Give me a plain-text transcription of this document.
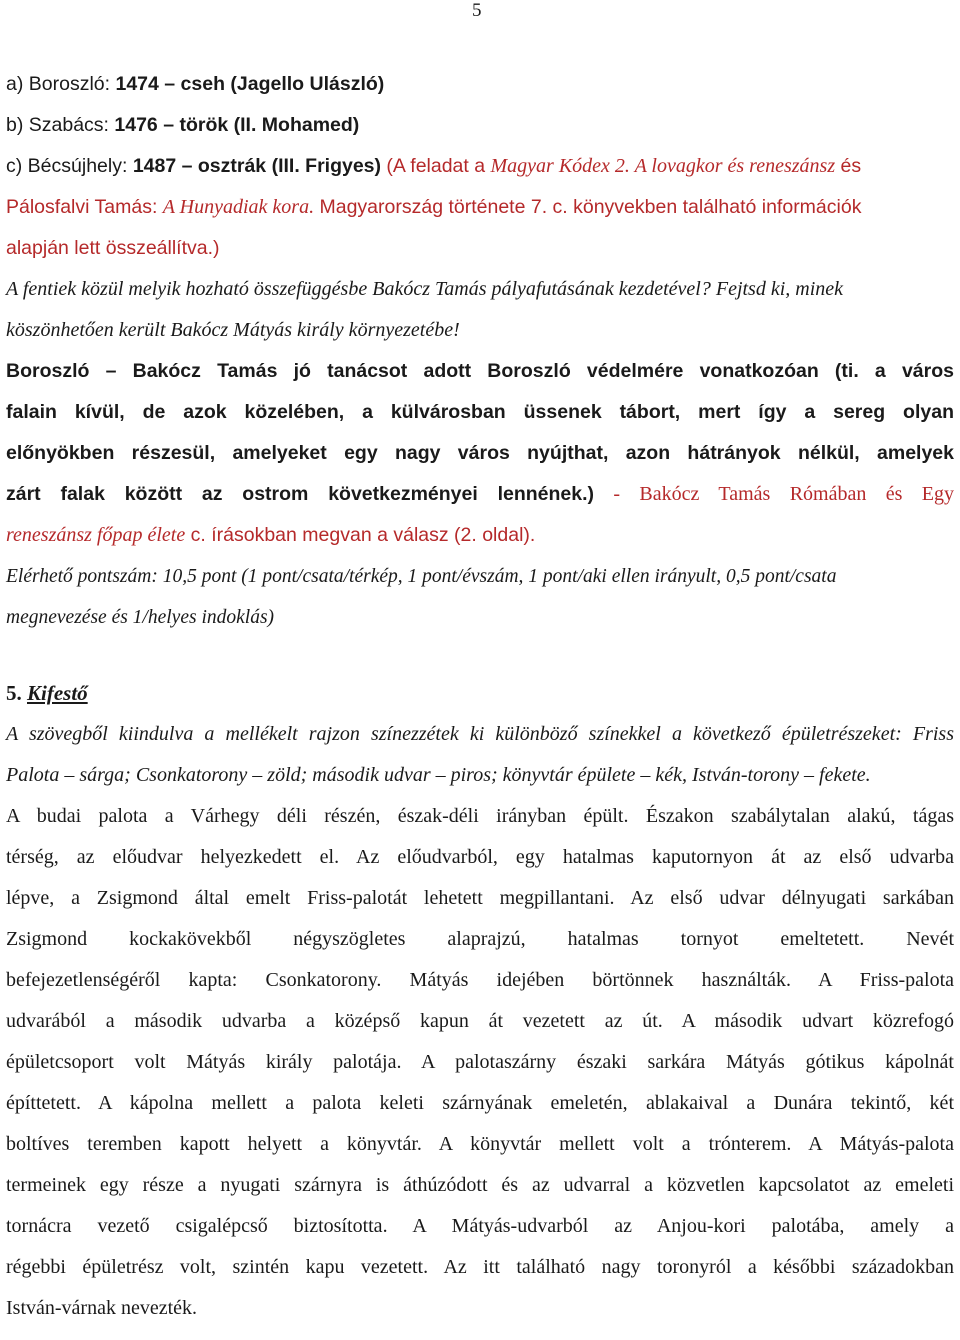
5

a) Boroszló: 1474 – cseh (Jagello Ulászló)

b) Szabács: 1476 – török (II. Mohamed)

c) Bécsújhely: 1487 – osztrák (III. Frigyes) (A feladat a Magyar Kódex 2. A lovagkor és reneszánsz és

Pálosfalvi Tamás: A Hunyadiak kora. Magyarország története 7. c. könyvekben található információk

alapján lett összeállítva.)

A fentiek közül melyik hozható összefüggésbe Bakócz Tamás pályafutásának kezdetével? Fejtsd ki, minek

köszönhetően került Bakócz Mátyás király környezetébe!

Boroszló – Bakócz Tamás jó tanácsot adott Boroszló védelmére vonatkozóan (ti. a város

falain kívül, de azok közelében, a külvárosban üssenek tábort, mert így a sereg olyan

előnyökben részesül, amelyeket egy nagy város nyújthat, azon hátrányok nélkül, amelyek

zárt falak között az ostrom következményei lennének.) - Bakócz Tamás Rómában és Egy

reneszánsz főpap élete c. írásokban megvan a válasz (2. oldal).

Elérhető pontszám: 10,5 pont (1 pont/csata/térkép, 1 pont/évszám, 1 pont/aki ellen irányult, 0,5 pont/csata

megnevezése és 1/helyes indoklás)

5. Kifestő

A szövegből kiindulva a mellékelt rajzon színezzétek ki különböző színekkel a következő épületrészeket: Friss

Palota – sárga; Csonkatorony – zöld; második udvar – piros; könyvtár épülete – kék, István-torony – fekete.

A budai palota a Várhegy déli részén, észak-déli irányban épült. Északon szabálytalan alakú, tágas

térség, az előudvar helyezkedett el. Az előudvarból, egy hatalmas kaputornyon át az első udvarba

lépve, a Zsigmond által emelt Friss-palotát lehetett megpillantani. Az első udvar délnyugati sarkában

Zsigmond kockakövekből négyszögletes alaprajzú, hatalmas tornyot emeltetett. Nevét

befejezetlenségéről kapta: Csonkatorony. Mátyás idejében börtönnek használták. A Friss-palota

udvarából a második udvarba a középső kapun át vezetett az út. A második udvart közrefogó

épületcsoport volt Mátyás király palotája. A palotaszárny északi sarkára Mátyás gótikus kápolnát

építtetett. A kápolna mellett a palota keleti szárnyának emeletén, ablakaival a Dunára tekintő, két

boltíves teremben kapott helyett a könyvtár. A könyvtár mellett volt a trónterem. A Mátyás-palota

termeinek egy része a nyugati szárnyra is áthúzódott és az udvarral a közvetlen kapcsolatot az emeleti

tornácra vezető csigalépcső biztosította. A Mátyás-udvarból az Anjou-kori palotába, amely a

régebbi épületrész volt, szintén kapu vezetett. Az itt található nagy toronyról a későbbi századokban

István-várnak nevezték.
